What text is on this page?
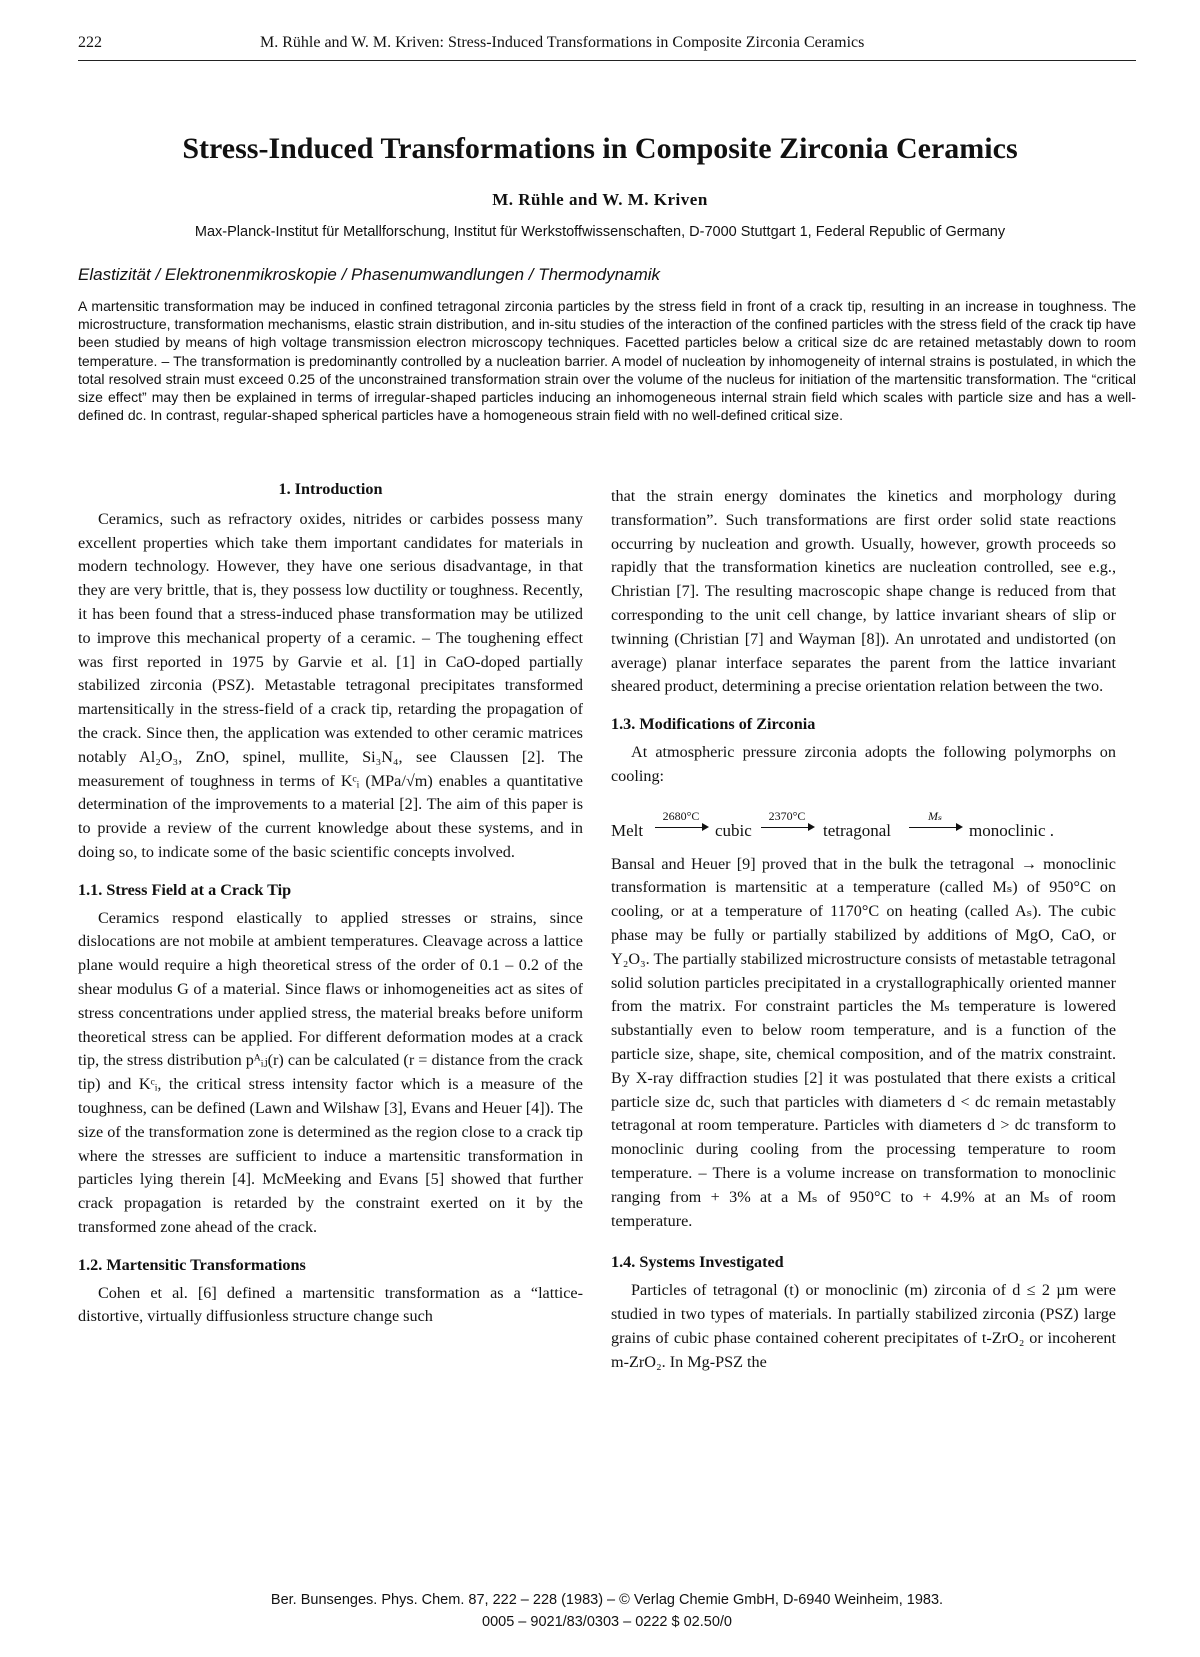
222	M. Rühle and W. M. Kriven: Stress-Induced Transformations in Composite Zirconia Ceramics
Stress-Induced Transformations in Composite Zirconia Ceramics
M. Rühle and W. M. Kriven
Max-Planck-Institut für Metallforschung, Institut für Werkstoffwissenschaften, D-7000 Stuttgart 1, Federal Republic of Germany
Elastizität / Elektronenmikroskopie / Phasenumwandlungen / Thermodynamik
A martensitic transformation may be induced in confined tetragonal zirconia particles by the stress field in front of a crack tip, resulting in an increase in toughness. The microstructure, transformation mechanisms, elastic strain distribution, and in-situ studies of the interaction of the confined particles with the stress field of the crack tip have been studied by means of high voltage transmission electron microscopy techniques. Facetted particles below a critical size dc are retained metastably down to room temperature. – The transformation is predominantly controlled by a nucleation barrier. A model of nucleation by inhomogeneity of internal strains is postulated, in which the total resolved strain must exceed 0.25 of the unconstrained transformation strain over the volume of the nucleus for initiation of the martensitic transformation. The “critical size effect” may then be explained in terms of irregular-shaped particles inducing an inhomogeneous internal strain field which scales with particle size and has a well-defined dc. In contrast, regular-shaped spherical particles have a homogeneous strain field with no well-defined critical size.
1. Introduction

Ceramics, such as refractory oxides, nitrides or carbides possess many excellent properties which take them important candidates for materials in modern technology. However, they have one serious disadvantage, in that they are very brittle, that is, they possess low ductility or toughness. Recently, it has been found that a stress-induced phase transformation may be utilized to improve this mechanical property of a ceramic. – The toughening effect was first reported in 1975 by Garvie et al. [1] in CaO-doped partially stabilized zirconia (PSZ). Metastable tetragonal precipitates transformed martensitically in the stress-field of a crack tip, retarding the propagation of the crack. Since then, the application was extended to other ceramic matrices notably Al₂O₃, ZnO, spinel, mullite, Si₃N₄, see Claussen [2]. The measurement of toughness in terms of Kᶜᵢ (MPa/√m) enables a quantitative determination of the improvements to a material [2]. The aim of this paper is to provide a review of the current knowledge about these systems, and in doing so, to indicate some of the basic scientific concepts involved.

1.1. Stress Field at a Crack Tip

Ceramics respond elastically to applied stresses or strains, since dislocations are not mobile at ambient temperatures. Cleavage across a lattice plane would require a high theoretical stress of the order of 0.1 – 0.2 of the shear modulus G of a material. Since flaws or inhomogeneities act as sites of stress concentrations under applied stress, the material breaks before uniform theoretical stress can be applied. For different deformation modes at a crack tip, the stress distribution pᴬᵢⱼ(r) can be calculated (r = distance from the crack tip) and Kᶜᵢ, the critical stress intensity factor which is a measure of the toughness, can be defined (Lawn and Wilshaw [3], Evans and Heuer [4]). The size of the transformation zone is determined as the region close to a crack tip where the stresses are sufficient to induce a martensitic transformation in particles lying therein [4]. McMeeking and Evans [5] showed that further crack propagation is retarded by the constraint exerted on it by the transformed zone ahead of the crack.

1.2. Martensitic Transformations

Cohen et al. [6] defined a martensitic transformation as a “lattice-distortive, virtually diffusionless structure change such

that the strain energy dominates the kinetics and morphology during transformation”. Such transformations are first order solid state reactions occurring by nucleation and growth. Usually, however, growth proceeds so rapidly that the transformation kinetics are nucleation controlled, see e.g., Christian [7]. The resulting macroscopic shape change is reduced from that corresponding to the unit cell change, by lattice invariant shears of slip or twinning (Christian [7] and Wayman [8]). An unrotated and undistorted (on average) planar interface separates the parent from the lattice invariant sheared product, determining a precise orientation relation between the two.

1.3. Modifications of Zirconia

At atmospheric pressure zirconia adopts the following polymorphs on cooling:

Melt
2680°C
cubic
2370°C
tetragonal
Mₛ
monoclinic .

Bansal and Heuer [9] proved that in the bulk the tetragonal → monoclinic transformation is martensitic at a temperature (called Mₛ) of 950°C on cooling, or at a temperature of 1170°C on heating (called Aₛ). The cubic phase may be fully or partially stabilized by additions of MgO, CaO, or Y₂O₃. The partially stabilized microstructure consists of metastable tetragonal solid solution particles precipitated in a crystallographically oriented manner from the matrix. For constraint particles the Mₛ temperature is lowered substantially even to below room temperature, and is a function of the particle size, shape, site, chemical composition, and of the matrix constraint. By X-ray diffraction studies [2] it was postulated that there exists a critical particle size dc, such that particles with diameters d < dc remain metastably tetragonal at room temperature. Particles with diameters d > dc transform to monoclinic during cooling from the processing temperature to room temperature. – There is a volume increase on transformation to monoclinic ranging from + 3% at a Mₛ of 950°C to + 4.9% at an Mₛ of room temperature.

1.4. Systems Investigated

Particles of tetragonal (t) or monoclinic (m) zirconia of d ≤ 2 µm were studied in two types of materials. In partially stabilized zirconia (PSZ) large grains of cubic phase contained coherent precipitates of t-ZrO₂ or incoherent m-ZrO₂. In Mg-PSZ the

Ber. Bunsenges. Phys. Chem. 87, 222 – 228 (1983) – © Verlag Chemie GmbH, D-6940 Weinheim, 1983.
0005 – 9021/83/0303 – 0222 $ 02.50/0
